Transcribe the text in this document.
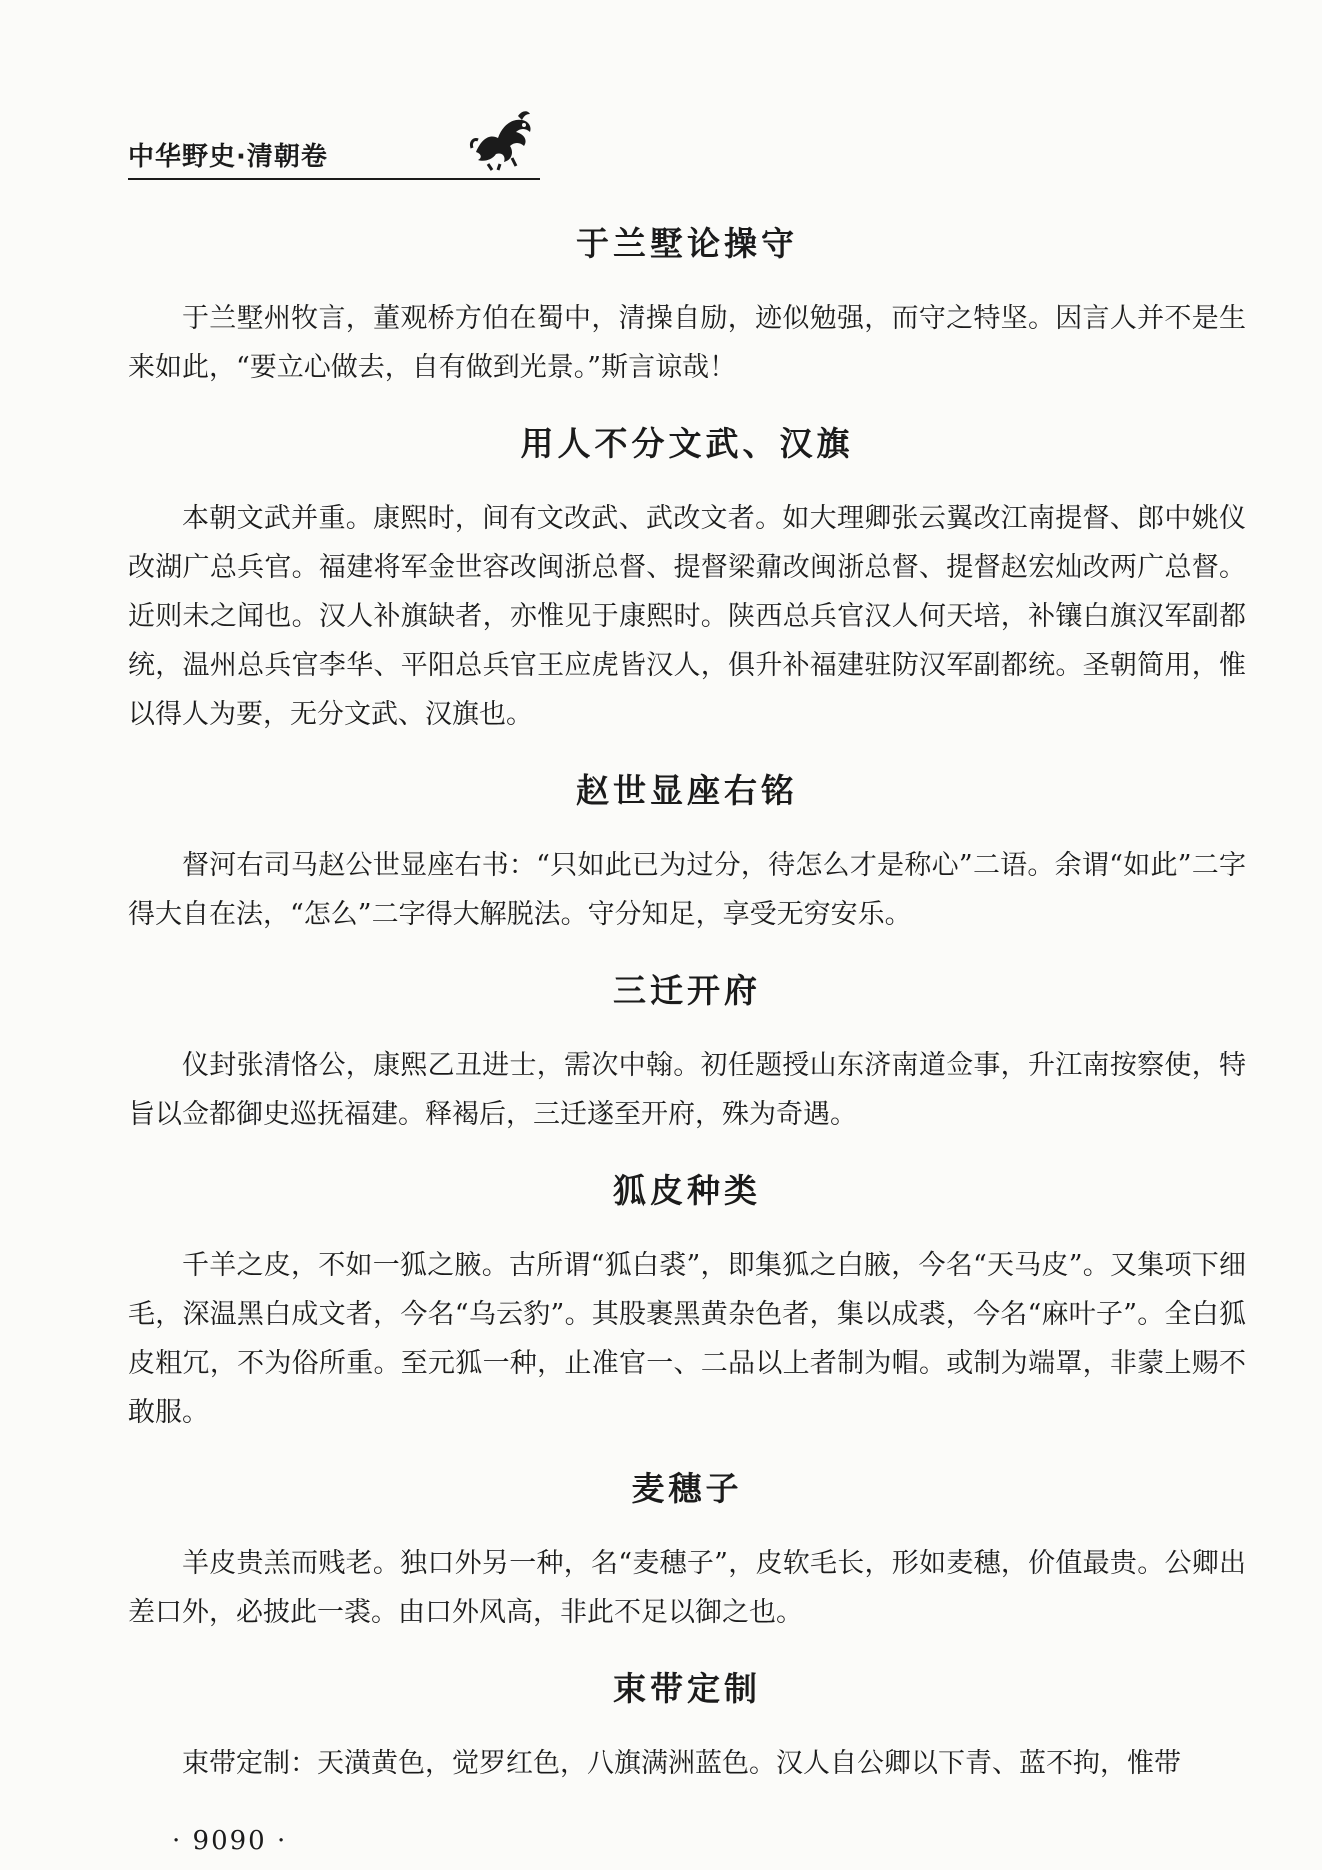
中华野史·清朝卷
于兰墅论操守

于兰墅州牧言，董观桥方伯在蜀中，清操自励，迹似勉强，而守之特坚。因言人并不是生来如此，“要立心做去，自有做到光景。”斯言谅哉！

用人不分文武、汉旗

本朝文武并重。康熙时，间有文改武、武改文者。如大理卿张云翼改江南提督、郎中姚仪改湖广总兵官。福建将军金世容改闽浙总督、提督梁鼐改闽浙总督、提督赵宏灿改两广总督。近则未之闻也。汉人补旗缺者，亦惟见于康熙时。陕西总兵官汉人何天培，补镶白旗汉军副都统，温州总兵官李华、平阳总兵官王应虎皆汉人，俱升补福建驻防汉军副都统。圣朝简用，惟以得人为要，无分文武、汉旗也。

赵世显座右铭

督河右司马赵公世显座右书：“只如此已为过分，待怎么才是称心”二语。余谓“如此”二字得大自在法，“怎么”二字得大解脱法。守分知足，享受无穷安乐。

三迁开府

仪封张清恪公，康熙乙丑进士，需次中翰。初任题授山东济南道佥事，升江南按察使，特旨以佥都御史巡抚福建。释褐后，三迁遂至开府，殊为奇遇。

狐皮种类

千羊之皮，不如一狐之腋。古所谓“狐白裘”，即集狐之白腋，今名“天马皮”。又集项下细毛，深温黑白成文者，今名“乌云豹”。其股裹黑黄杂色者，集以成裘，今名“麻叶子”。全白狐皮粗冗，不为俗所重。至元狐一种，止准官一、二品以上者制为帽。或制为端罩，非蒙上赐不敢服。

麦穗子

羊皮贵羔而贱老。独口外另一种，名“麦穗子”，皮软毛长，形如麦穗，价值最贵。公卿出差口外，必披此一裘。由口外风高，非此不足以御之也。

束带定制

束带定制：天潢黄色，觉罗红色，八旗满洲蓝色。汉人自公卿以下青、蓝不拘，惟带

· 9090 ·
